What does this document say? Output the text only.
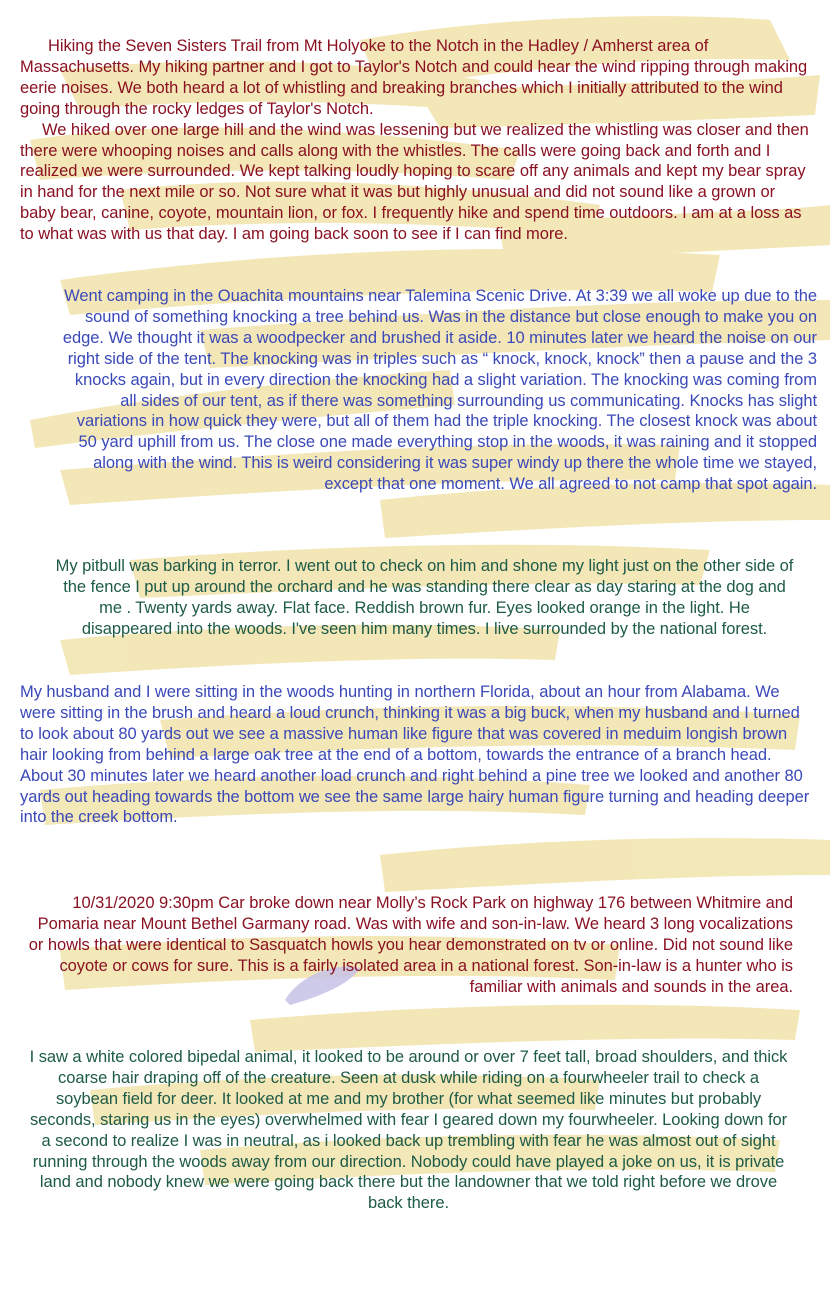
Hiking the Seven Sisters Trail from Mt Holyoke to the Notch in the Hadley / Amherst area of Massachusetts. My hiking partner and I got to Taylor's Notch and could hear the wind ripping through making eerie noises. We both heard a lot of whistling and breaking branches which I initially attributed to the wind going through the rocky ledges of Taylor's Notch.

We hiked over one large hill and the wind was lessening but we realized the whistling was closer and then there were whooping noises and calls along with the whistles. The calls were going back and forth and I realized we were surrounded. We kept talking loudly hoping to scare off any animals and kept my bear spray in hand for the next mile or so. Not sure what it was but highly unusual and did not sound like a grown or baby bear, canine, coyote, mountain lion, or fox. I frequently hike and spend time outdoors. I am at a loss as to what was with us that day. I am going back soon to see if I can find more.

Went camping in the Ouachita mountains near Talemina Scenic Drive. At 3:39 we all woke up due to the sound of something knocking a tree behind us. Was in the distance but close enough to make you on edge. We thought it was a woodpecker and brushed it aside. 10 minutes later we heard the noise on our right side of the tent. The knocking was in triples such as “ knock, knock, knock” then a pause and the 3 knocks again, but in every direction the knocking had a slight variation. The knocking was coming from all sides of our tent, as if there was something surrounding us communicating. Knocks has slight variations in how quick they were, but all of them had the triple knocking. The closest knock was about 50 yard uphill from us. The close one made everything stop in the woods, it was raining and it stopped along with the wind. This is weird considering it was super windy up there the whole time we stayed, except that one moment. We all agreed to not camp that spot again.

My pitbull was barking in terror. I went out to check on him and shone my light just on the other side of the fence I put up around the orchard and he was standing there clear as day staring at the dog and me . Twenty yards away. Flat face. Reddish brown fur. Eyes looked orange in the light. He disappeared into the woods. I've seen him many times. I live surrounded by the national forest.

My husband and I were sitting in the woods hunting in northern Florida, about an hour from Alabama. We were sitting in the brush and heard a loud crunch, thinking it was a big buck, when my husband and I turned to look about 80 yards out we see a massive human like figure that was covered in meduim longish brown hair looking from behind a large oak tree at the end of a bottom, towards the entrance of a branch head. About 30 minutes later we heard another load crunch and right behind a pine tree we looked and another 80 yards out heading towards the bottom we see the same large hairy human figure turning and heading deeper into the creek bottom.

10/31/2020 9:30pm Car broke down near Molly’s Rock Park on highway 176 between Whitmire and Pomaria near Mount Bethel Garmany road. Was with wife and son-in-law. We heard 3 long vocalizations or howls that were identical to Sasquatch howls you hear demonstrated on tv or online. Did not sound like coyote or cows for sure. This is a fairly isolated area in a national forest. Son-in-law is a hunter who is familiar with animals and sounds in the area.

I saw a white colored bipedal animal, it looked to be around or over 7 feet tall, broad shoulders, and thick coarse hair draping off of the creature. Seen at dusk while riding on a fourwheeler trail to check a soybean field for deer. It looked at me and my brother (for what seemed like minutes but probably seconds, staring us in the eyes) overwhelmed with fear I geared down my fourwheeler. Looking down for a second to realize I was in neutral, as i looked back up trembling with fear he was almost out of sight running through the woods away from our direction. Nobody could have played a joke on us, it is private land and nobody knew we were going back there but the landowner that we told right before we drove back there.
